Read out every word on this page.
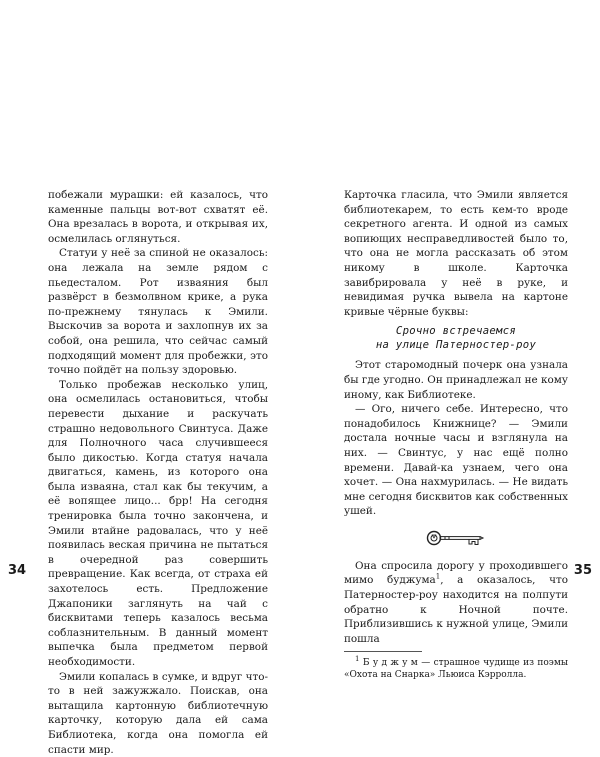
побежали мурашки: ей казалось, что каменные пальцы вот-вот схватят её. Она врезалась в ворота, и открывая их, осмелилась оглянуться.

Статуи у неё за спиной не оказалось: она лежала на земле рядом с пьедесталом. Рот изваяния был развёрст в безмолвном крике, а рука по-прежнему тянулась к Эмили. Выскочив за ворота и захлопнув их за собой, она решила, что сейчас самый подходящий момент для пробежки, это точно пойдёт на пользу здоровью.

Только пробежав несколько улиц, она осмелилась остановиться, чтобы перевести дыхание и раскучать страшно недовольного Свинтуса. Даже для Полночного часа случившееся было дикостью. Когда статуя начала двигаться, камень, из которого она была изваяна, стал как бы текучим, а её вопящее лицо... брр! На сегодня тренировка была точно закончена, и Эмили втайне радовалась, что у неё появилась веская причина не пытаться в очередной раз совершить превращение. Как всегда, от страха ей захотелось есть. Предложение Джапоники заглянуть на чай с бисквитами теперь казалось весьма соблазнительным. В данный момент выпечка была предметом первой необходимости.

Эмили копалась в сумке, и вдруг что-то в ней зажужжало. Поискав, она вытащила картонную библиотечную карточку, которую дала ей сама Библиотека, когда она помогла ей спасти мир.

34

Карточка гласила, что Эмили является библиотекарем, то есть кем-то вроде секретного агента. И одной из самых вопиющих несправедливостей было то, что она не могла рассказать об этом никому в школе. Карточка завибрировала у неё в руке, и невидимая ручка вывела на картоне кривые чёрные буквы:

Срочно встречаемся
на улице Патерностер-роу

Этот старомодный почерк она узнала бы где угодно. Он принадлежал не кому иному, как Библиотеке.

— Ого, ничего себе. Интересно, что понадобилось Книжнице? — Эмили достала ночные часы и взглянула на них. — Свинтус, у нас ещё полно времени. Давай-ка узнаем, чего она хочет. — Она нахмурилась. — Не видать мне сегодня бисквитов как собственных ушей.

Она спросила дорогу у проходившего мимо буджума$^1$, а оказалось, что Патерностер-роу находится на полпути обратно к Ночной почте. Приблизившись к нужной улице, Эмили пошла

$^1$ Б у д ж у м — страшное чудище из поэмы «Охота на Снарка» Льюиса Кэрролла.

35
